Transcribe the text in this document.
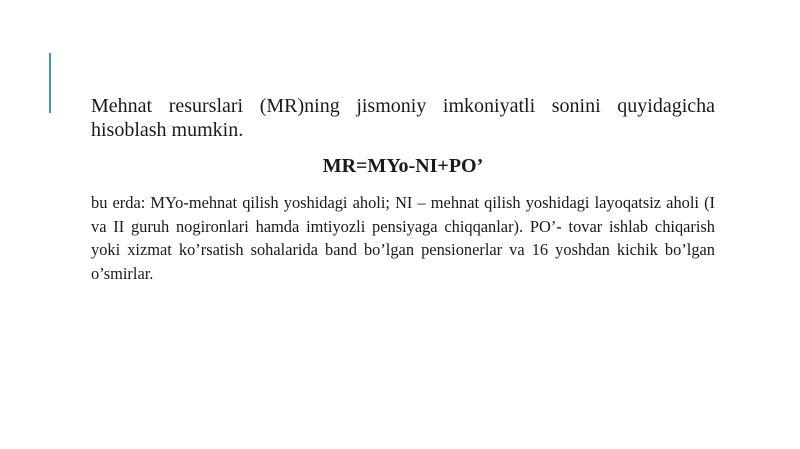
Mehnat resurslari (MR)ning jismoniy imkoniyatli sonini quyidagicha hisoblash mumkin.

MR=MYo-NI+PO’

bu erda: MYo-mehnat qilish yoshidagi aholi; NI – mehnat qilish yoshidagi layoqatsiz aholi (I va II guruh nogironlari hamda imtiyozli pensiyaga chiqqanlar). PO’- tovar ishlab chiqarish yoki xizmat ko’rsatish sohalarida band bo’lgan pensionerlar va 16 yoshdan kichik bo’lgan o’smirlar.
